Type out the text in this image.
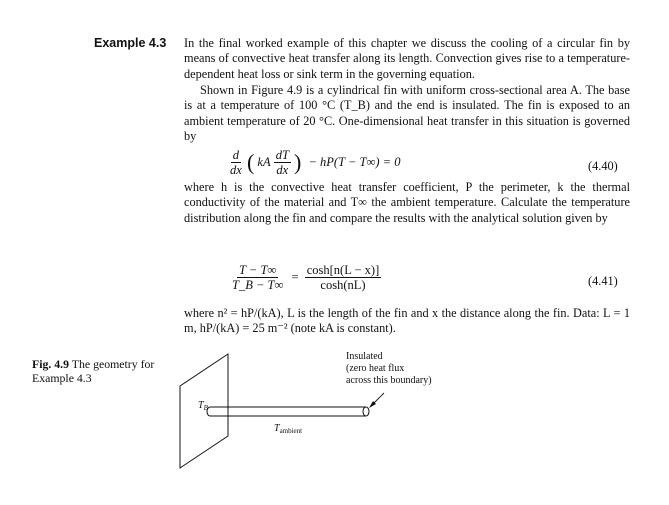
Example 4.3 In the final worked example of this chapter we discuss the cooling of a circular fin by means of convective heat transfer along its length. Convection gives rise to a temperature-dependent heat loss or sink term in the governing equation.
Shown in Figure 4.9 is a cylindrical fin with uniform cross-sectional area A. The base is at a temperature of 100 °C (T_B) and the end is insulated. The fin is exposed to an ambient temperature of 20 °C. One-dimensional heat transfer in this situation is governed by
$\frac{d}{dx}$ ( kA $\frac{dT}{dx}$ ) − hP(T − T∞) = 0	(4.40)
where h is the convective heat transfer coefficient, P the perimeter, k the thermal conductivity of the material and T∞ the ambient temperature. Calculate the temperature distribution along the fin and compare the results with the analytical solution given by
$\frac{T - T\infty}{T\_B - T\infty} = \frac{\cosh[n(L - x)]}{\cosh(nL)}$	(4.41)
where n² = hP/(kA), L is the length of the fin and x the distance along the fin. Data: L = 1 m, hP/(kA) = 25 m⁻² (note kA is constant).
Fig. 4.9 The geometry for Example 4.3
$T_B$
$T_{ambient}$
Insulated
(zero heat flux
across this boundary)
